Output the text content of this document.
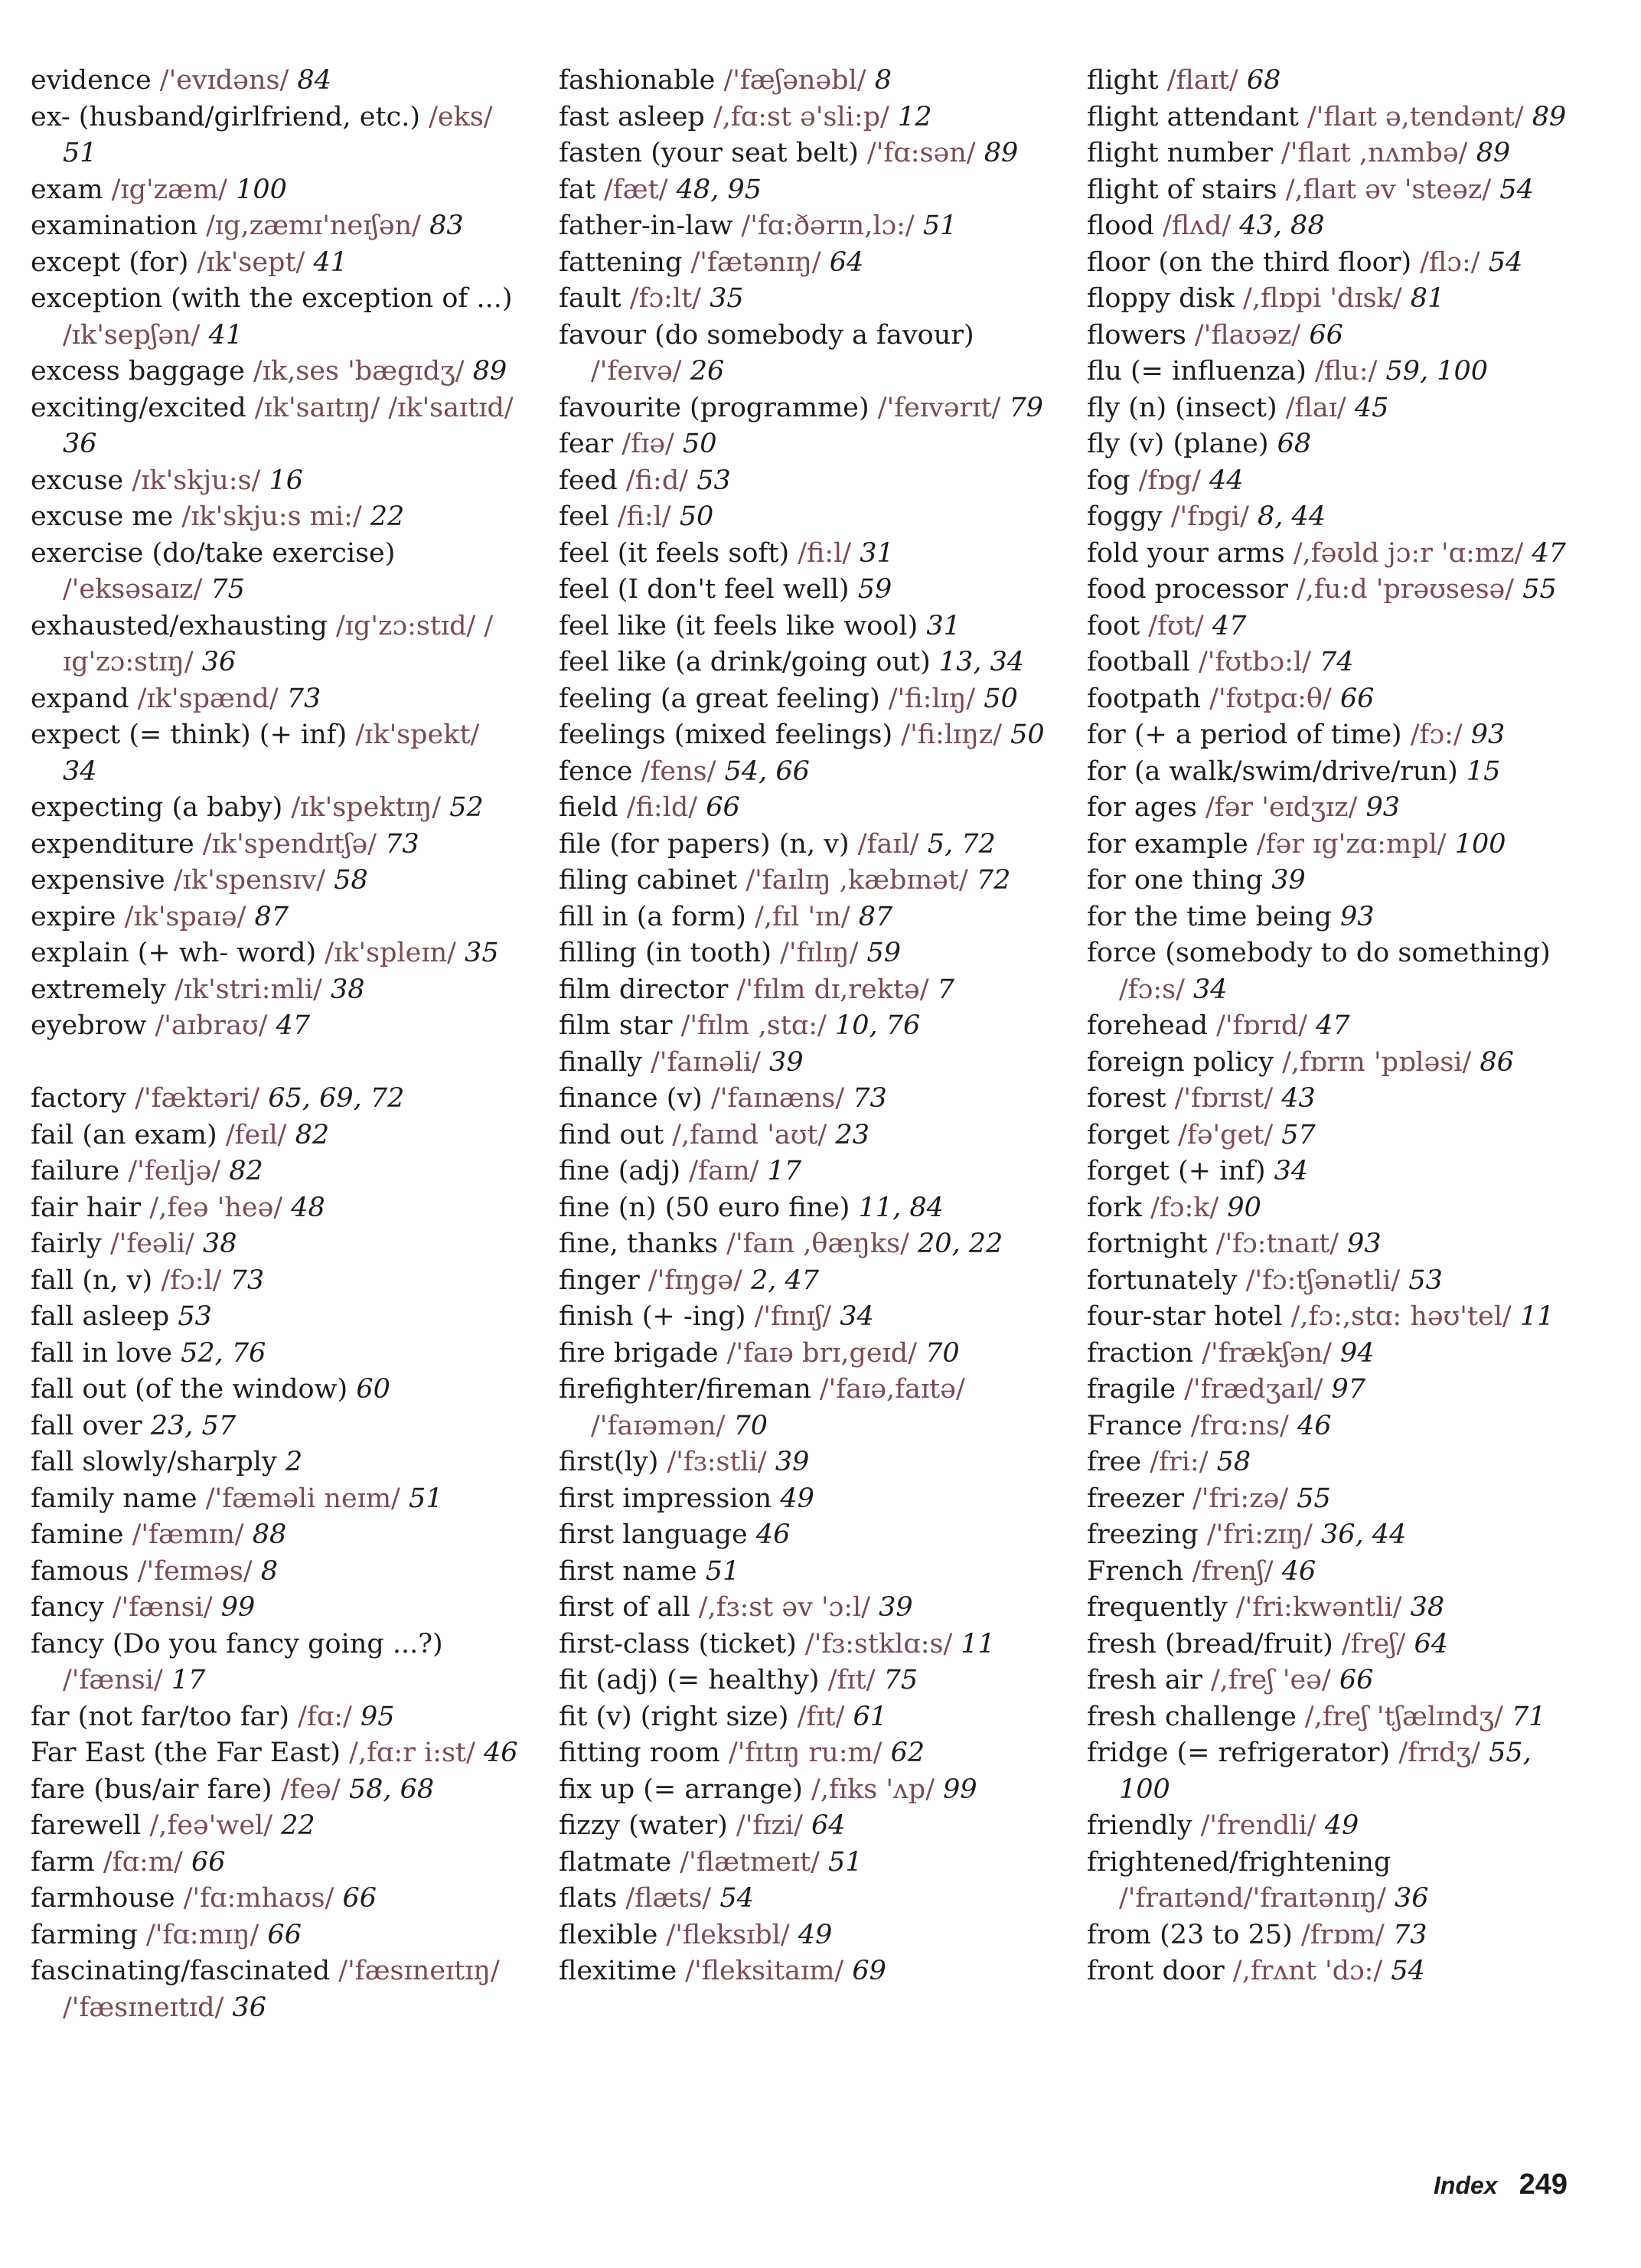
evidence /'evɪdəns/ 84

ex- (husband/girlfriend, etc.) /eks/ 51

exam /ɪg'zæm/ 100

examination /ɪg,zæmɪ'neɪʃən/ 83

except (for) /ɪk'sept/ 41

exception (with the exception of ...) /ɪk'sepʃən/ 41

excess baggage /ɪk,ses 'bægɪdʒ/ 89

exciting/excited /ɪk'saɪtɪŋ/ /ɪk'saɪtɪd/ 36

excuse /ɪk'skju:s/ 16

excuse me /ɪk'skju:s mi:/ 22

exercise (do/take exercise) /'eksəsaɪz/ 75

exhausted/exhausting /ɪg'zɔ:stɪd/ /ɪg'zɔ:stɪŋ/ 36

expand /ɪk'spænd/ 73

expect (= think) (+ inf) /ɪk'spekt/ 34

expecting (a baby) /ɪk'spektɪŋ/ 52

expenditure /ɪk'spendɪtʃə/ 73

expensive /ɪk'spensɪv/ 58

expire /ɪk'spaɪə/ 87

explain (+ wh- word) /ɪk'spleɪn/ 35

extremely /ɪk'stri:mli/ 38

eyebrow /'aɪbraʊ/ 47

factory /'fæktəri/ 65, 69, 72

fail (an exam) /feɪl/ 82

failure /'feɪljə/ 82

fair hair /,feə 'heə/ 48

fairly /'feəli/ 38

fall (n, v) /fɔ:l/ 73

fall asleep 53

fall in love 52, 76

fall out (of the window) 60

fall over 23, 57

fall slowly/sharply 2

family name /'fæməli neɪm/ 51

famine /'fæmɪn/ 88

famous /'feɪməs/ 8

fancy /'fænsi/ 99

fancy (Do you fancy going ...?) /'fænsi/ 17

far (not far/too far) /fɑ:/ 95

Far East (the Far East) /,fɑ:r i:st/ 46

fare (bus/air fare) /feə/ 58, 68

farewell /,feə'wel/ 22

farm /fɑ:m/ 66

farmhouse /'fɑ:mhaʊs/ 66

farming /'fɑ:mɪŋ/ 66

fascinating/fascinated /'fæsɪneɪtɪŋ/ /'fæsɪneɪtɪd/ 36

fashionable /'fæʃənəbl/ 8

fast asleep /,fɑ:st ə'sli:p/ 12

fasten (your seat belt) /'fɑ:sən/ 89

fat /fæt/ 48, 95

father-in-law /'fɑ:ðərɪn,lɔ:/ 51

fattening /'fætənɪŋ/ 64

fault /fɔ:lt/ 35

favour (do somebody a favour) /'feɪvə/ 26

favourite (programme) /'feɪvərɪt/ 79

fear /fɪə/ 50

feed /fi:d/ 53

feel /fi:l/ 50

feel (it feels soft) /fi:l/ 31

feel (I don't feel well) 59

feel like (it feels like wool) 31

feel like (a drink/going out) 13, 34

feeling (a great feeling) /'fi:lɪŋ/ 50

feelings (mixed feelings) /'fi:lɪŋz/ 50

fence /fens/ 54, 66

field /fi:ld/ 66

file (for papers) (n, v) /faɪl/ 5, 72

filing cabinet /'faɪlɪŋ ,kæbɪnət/ 72

fill in (a form) /,fɪl 'ɪn/ 87

filling (in tooth) /'fɪlɪŋ/ 59

film director /'fɪlm dɪ,rektə/ 7

film star /'fɪlm ,stɑ:/ 10, 76

finally /'faɪnəli/ 39

finance (v) /'faɪnæns/ 73

find out /,faɪnd 'aʊt/ 23

fine (adj) /faɪn/ 17

fine (n) (50 euro fine) 11, 84

fine, thanks /'faɪn ,θæŋks/ 20, 22

finger /'fɪŋgə/ 2, 47

finish (+ -ing) /'fɪnɪʃ/ 34

fire brigade /'faɪə brɪ,geɪd/ 70

firefighter/fireman /'faɪə,faɪtə/ /'faɪəmən/ 70

first(ly) /'fɜ:stli/ 39

first impression 49

first language 46

first name 51

first of all /,fɜ:st əv 'ɔ:l/ 39

first-class (ticket) /'fɜ:stklɑ:s/ 11

fit (adj) (= healthy) /fɪt/ 75

fit (v) (right size) /fɪt/ 61

fitting room /'fɪtɪŋ ru:m/ 62

fix up (= arrange) /,fɪks 'ʌp/ 99

fizzy (water) /'fɪzi/ 64

flatmate /'flætmeɪt/ 51

flats /flæts/ 54

flexible /'fleksɪbl/ 49

flexitime /'fleksitaɪm/ 69

flight /flaɪt/ 68

flight attendant /'flaɪt ə,tendənt/ 89

flight number /'flaɪt ,nʌmbə/ 89

flight of stairs /,flaɪt əv 'steəz/ 54

flood /flʌd/ 43, 88

floor (on the third floor) /flɔ:/ 54

floppy disk /,flɒpi 'dɪsk/ 81

flowers /'flaʊəz/ 66

flu (= influenza) /flu:/ 59, 100

fly (n) (insect) /flaɪ/ 45

fly (v) (plane) 68

fog /fɒg/ 44

foggy /'fɒgi/ 8, 44

fold your arms /,fəʊld jɔ:r 'ɑ:mz/ 47

food processor /,fu:d 'prəʊsesə/ 55

foot /fʊt/ 47

football /'fʊtbɔ:l/ 74

footpath /'fʊtpɑ:θ/ 66

for (+ a period of time) /fɔ:/ 93

for (a walk/swim/drive/run) 15

for ages /fər 'eɪdʒɪz/ 93

for example /fər ɪg'zɑ:mpl/ 100

for one thing 39

for the time being 93

force (somebody to do something) /fɔ:s/ 34

forehead /'fɒrɪd/ 47

foreign policy /,fɒrɪn 'pɒləsi/ 86

forest /'fɒrɪst/ 43

forget /fə'get/ 57

forget (+ inf) 34

fork /fɔ:k/ 90

fortnight /'fɔ:tnaɪt/ 93

fortunately /'fɔ:tʃənətli/ 53

four-star hotel /,fɔ:,stɑ: həʊ'tel/ 11

fraction /'frækʃən/ 94

fragile /'frædʒaɪl/ 97

France /frɑ:ns/ 46

free /fri:/ 58

freezer /'fri:zə/ 55

freezing /'fri:zɪŋ/ 36, 44

French /frenʃ/ 46

frequently /'fri:kwəntli/ 38

fresh (bread/fruit) /freʃ/ 64

fresh air /,freʃ 'eə/ 66

fresh challenge /,freʃ 'tʃælɪndʒ/ 71

fridge (= refrigerator) /frɪdʒ/ 55, 100

friendly /'frendli/ 49

frightened/frightening /'fraɪtənd/'fraɪtənɪŋ/ 36

from (23 to 25) /frɒm/ 73

front door /,frʌnt 'dɔ:/ 54

Index 249
